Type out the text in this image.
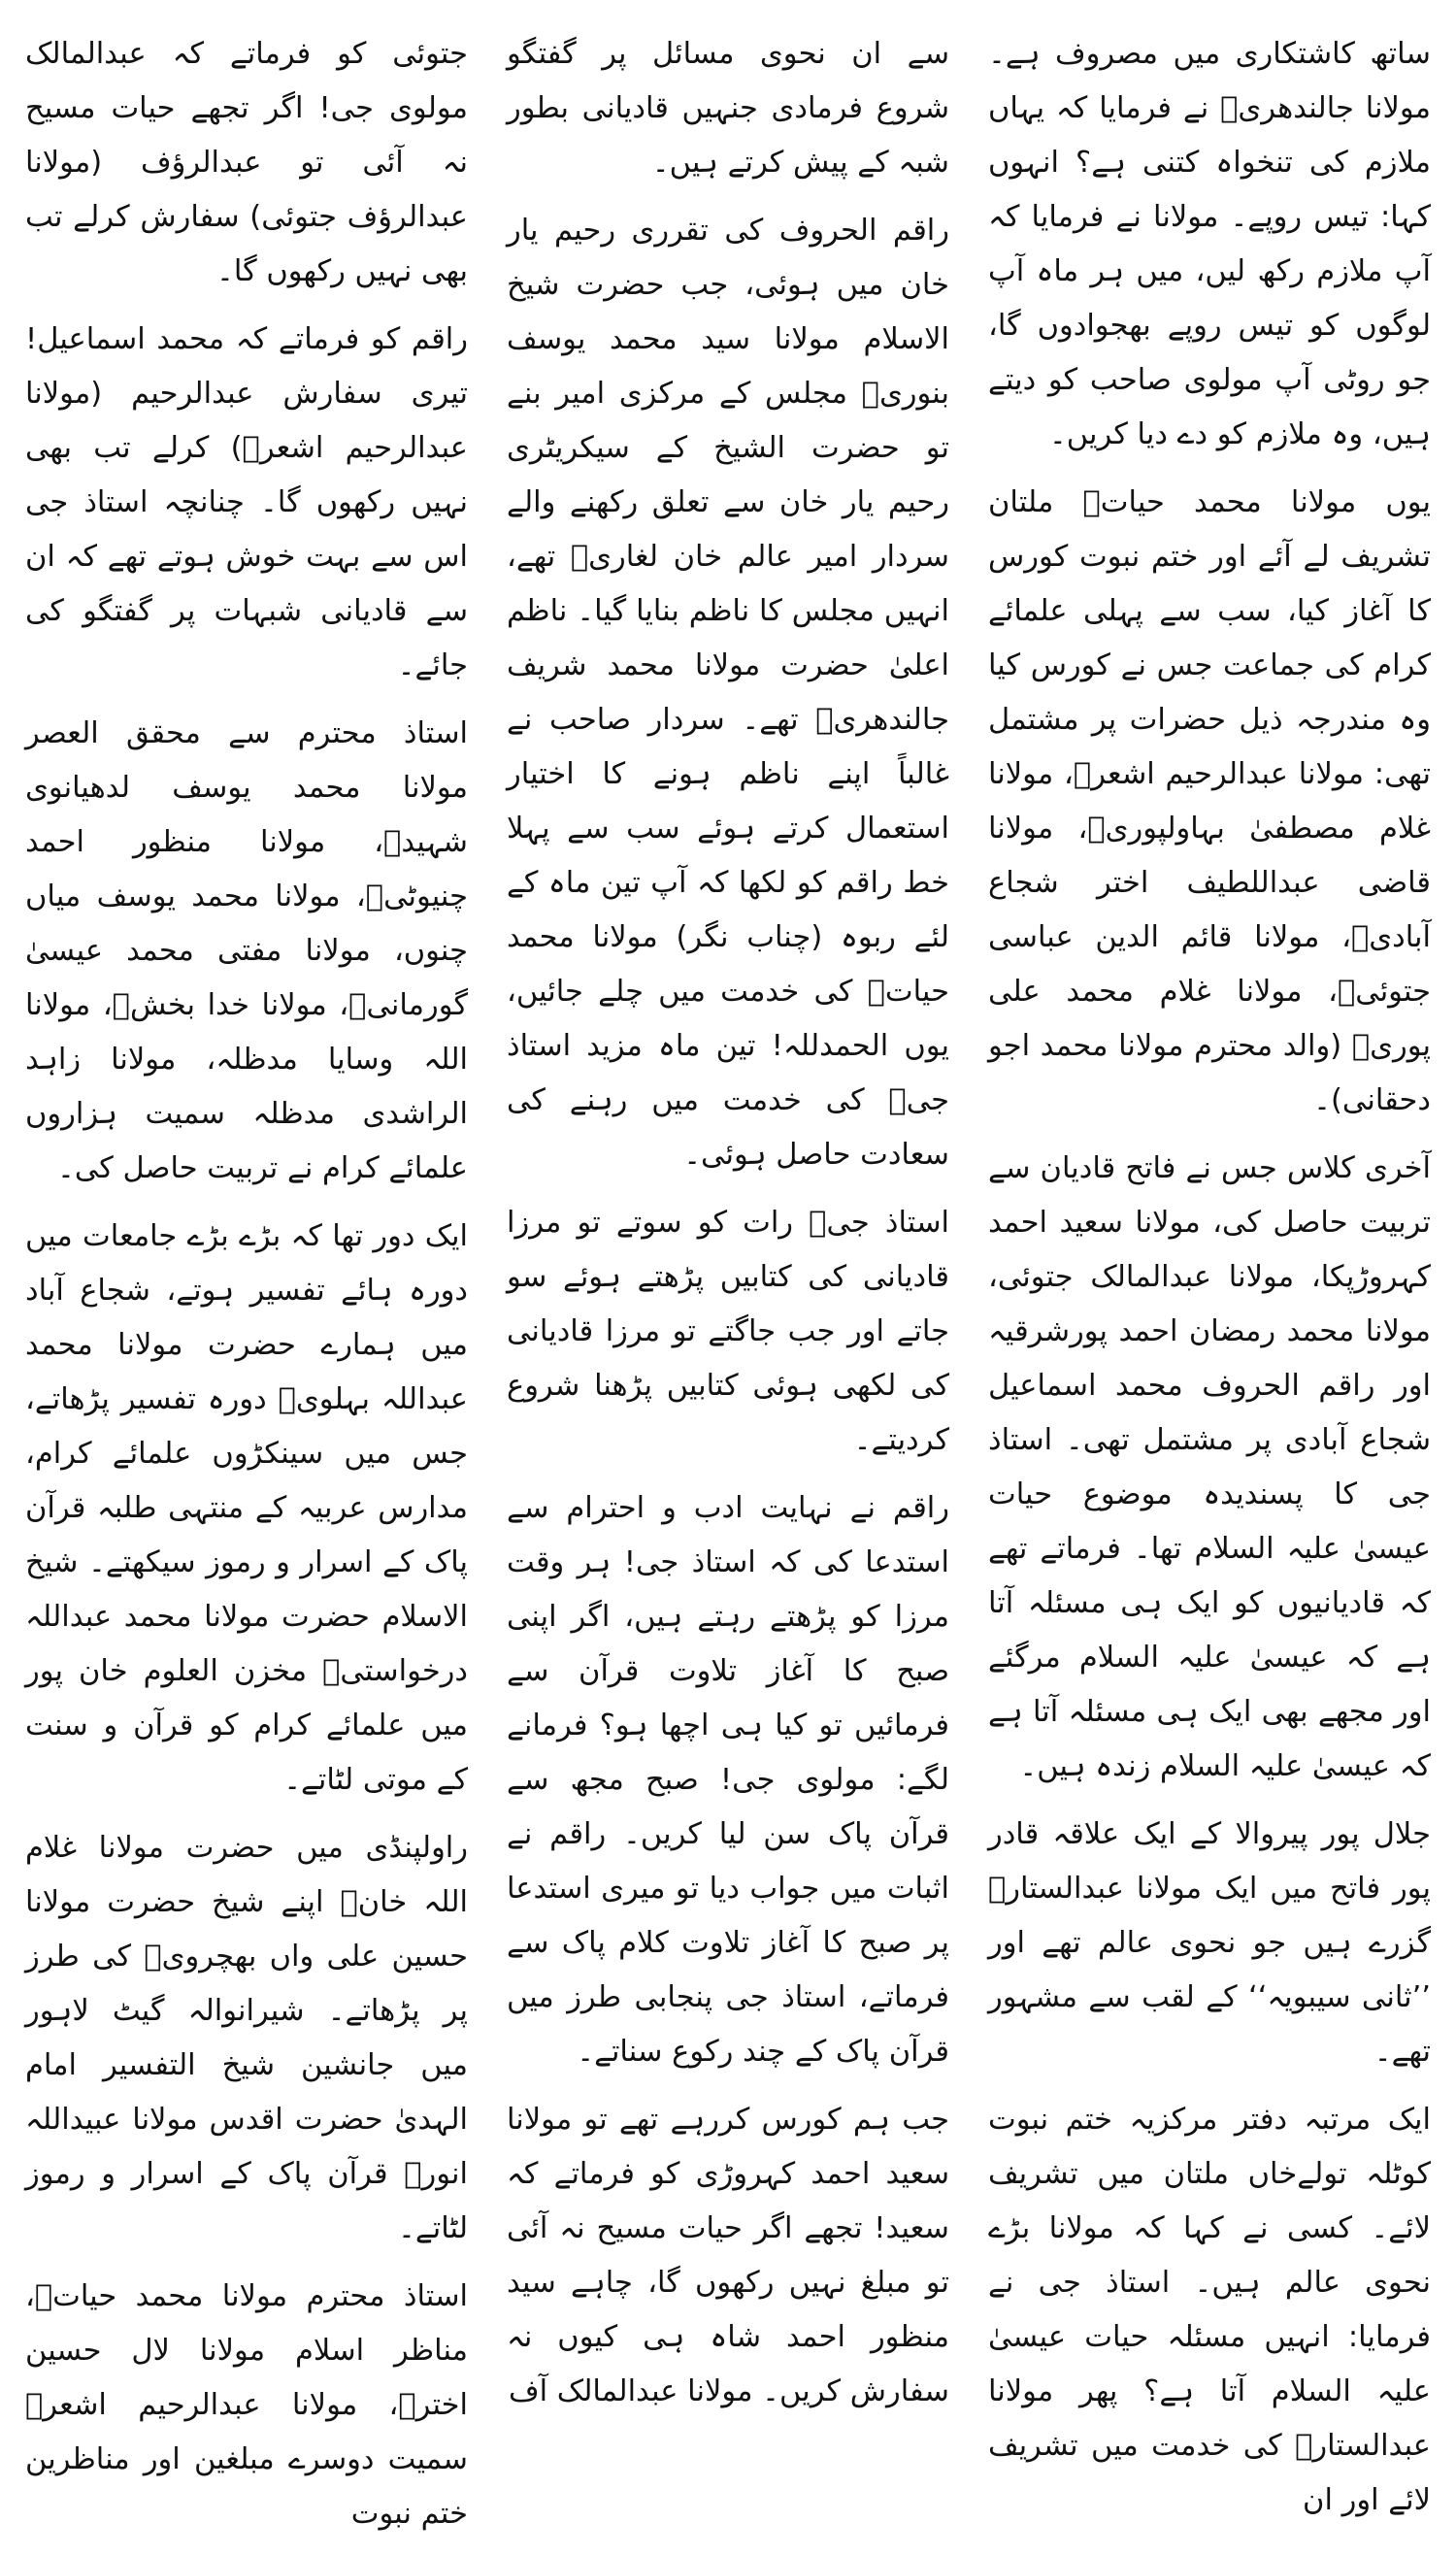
ساتھ کاشتکاری میں مصروف ہے۔ مولانا جالندھریؒ نے فرمایا کہ یہاں ملازم کی تنخواہ کتنی ہے؟ انہوں کہا: تیس روپے۔ مولانا نے فرمایا کہ آپ ملازم رکھ لیں، میں ہر ماہ آپ لوگوں کو تیس روپے بھجوادوں گا، جو روٹی آپ مولوی صاحب کو دیتے ہیں، وہ ملازم کو دے دیا کریں۔

یوں مولانا محمد حیاتؒ ملتان تشریف لے آئے اور ختم نبوت کورس کا آغاز کیا، سب سے پہلی علمائے کرام کی جماعت جس نے کورس کیا وہ مندرجہ ذیل حضرات پر مشتمل تھی: مولانا عبدالرحیم اشعرؒ، مولانا غلام مصطفیٰ بہاولپوریؒ، مولانا قاضی عبداللطیف اختر شجاع آبادیؒ، مولانا قائم الدین عباسی جتوئیؒ، مولانا غلام محمد علی پوریؒ (والد محترم مولانا محمد اجو دحقانی)۔

آخری کلاس جس نے فاتح قادیان سے تربیت حاصل کی، مولانا سعید احمد کہروڑپکا، مولانا عبدالمالک جتوئی، مولانا محمد رمضان احمد پورشرقیہ اور راقم الحروف محمد اسماعیل شجاع آبادی پر مشتمل تھی۔ استاذ جی کا پسندیدہ موضوع حیات عیسیٰ علیہ السلام تھا۔ فرماتے تھے کہ قادیانیوں کو ایک ہی مسئلہ آتا ہے کہ عیسیٰ علیہ السلام مرگئے اور مجھے بھی ایک ہی مسئلہ آتا ہے کہ عیسیٰ علیہ السلام زندہ ہیں۔

جلال پور پیروالا کے ایک علاقہ قادر پور فاتح میں ایک مولانا عبدالستارؒ گزرے ہیں جو نحوی عالم تھے اور ’’ثانی سیبویہ‘‘ کے لقب سے مشہور تھے۔

ایک مرتبہ دفتر مرکزیہ ختم نبوت کوٹلہ تولےخاں ملتان میں تشریف لائے۔ کسی نے کہا کہ مولانا بڑے نحوی عالم ہیں۔ استاذ جی نے فرمایا: انہیں مسئلہ حیات عیسیٰ علیہ السلام آتا ہے؟ پھر مولانا عبدالستارؒ کی خدمت میں تشریف لائے اور ان

سے ان نحوی مسائل پر گفتگو شروع فرمادی جنہیں قادیانی بطور شبہ کے پیش کرتے ہیں۔

راقم الحروف کی تقرری رحیم یار خان میں ہوئی، جب حضرت شیخ الاسلام مولانا سید محمد یوسف بنوریؒ مجلس کے مرکزی امیر بنے تو حضرت الشیخ کے سیکریٹری رحیم یار خان سے تعلق رکھنے والے سردار امیر عالم خان لغاریؒ تھے، انہیں مجلس کا ناظم بنایا گیا۔ ناظم اعلیٰ حضرت مولانا محمد شریف جالندھریؒ تھے۔ سردار صاحب نے غالباً اپنے ناظم ہونے کا اختیار استعمال کرتے ہوئے سب سے پہلا خط راقم کو لکھا کہ آپ تین ماہ کے لئے ربوہ (چناب نگر) مولانا محمد حیاتؒ کی خدمت میں چلے جائیں، یوں الحمدللہ! تین ماہ مزید استاذ جیؒ کی خدمت میں رہنے کی سعادت حاصل ہوئی۔

استاذ جیؒ رات کو سوتے تو مرزا قادیانی کی کتابیں پڑھتے ہوئے سو جاتے اور جب جاگتے تو مرزا قادیانی کی لکھی ہوئی کتابیں پڑھنا شروع کردیتے۔

راقم نے نہایت ادب و احترام سے استدعا کی کہ استاذ جی! ہر وقت مرزا کو پڑھتے رہتے ہیں، اگر اپنی صبح کا آغاز تلاوت قرآن سے فرمائیں تو کیا ہی اچھا ہو؟ فرمانے لگے: مولوی جی! صبح مجھ سے قرآن پاک سن لیا کریں۔ راقم نے اثبات میں جواب دیا تو میری استدعا پر صبح کا آغاز تلاوت کلام پاک سے فرماتے، استاذ جی پنجابی طرز میں قرآن پاک کے چند رکوع سناتے۔

جب ہم کورس کررہے تھے تو مولانا سعید احمد کہروڑی کو فرماتے کہ سعید! تجھے اگر حیات مسیح نہ آئی تو مبلغ نہیں رکھوں گا، چاہے سید منظور احمد شاہ ہی کیوں نہ سفارش کریں۔ مولانا عبدالمالک آف

جتوئی کو فرماتے کہ عبدالمالک مولوی جی! اگر تجھے حیات مسیح نہ آئی تو عبدالرؤف (مولانا عبدالرؤف جتوئی) سفارش کرلے تب بھی نہیں رکھوں گا۔

راقم کو فرماتے کہ محمد اسماعیل! تیری سفارش عبدالرحیم (مولانا عبدالرحیم اشعرؒ) کرلے تب بھی نہیں رکھوں گا۔ چنانچہ استاذ جی اس سے بہت خوش ہوتے تھے کہ ان سے قادیانی شبہات پر گفتگو کی جائے۔

استاذ محترم سے محقق العصر مولانا محمد یوسف لدھیانوی شہیدؒ، مولانا منظور احمد چنیوٹیؒ، مولانا محمد یوسف میاں چنوں، مولانا مفتی محمد عیسیٰ گورمانیؒ، مولانا خدا بخشؒ، مولانا اللہ وسایا مدظلہ، مولانا زاہد الراشدی مدظلہ سمیت ہزاروں علمائے کرام نے تربیت حاصل کی۔

ایک دور تھا کہ بڑے بڑے جامعات میں دورہ ہائے تفسیر ہوتے، شجاع آباد میں ہمارے حضرت مولانا محمد عبداللہ بہلویؒ دورہ تفسیر پڑھاتے، جس میں سینکڑوں علمائے کرام، مدارس عربیہ کے منتہی طلبہ قرآن پاک کے اسرار و رموز سیکھتے۔ شیخ الاسلام حضرت مولانا محمد عبداللہ درخواستیؒ مخزن العلوم خان پور میں علمائے کرام کو قرآن و سنت کے موتی لٹاتے۔

راولپنڈی میں حضرت مولانا غلام اللہ خانؒ اپنے شیخ حضرت مولانا حسین علی واں بھچرویؒ کی طرز پر پڑھاتے۔ شیرانوالہ گیٹ لاہور میں جانشین شیخ التفسیر امام الہدیٰ حضرت اقدس مولانا عبیداللہ انورؒ قرآن پاک کے اسرار و رموز لٹاتے۔

استاذ محترم مولانا محمد حیاتؒ، مناظر اسلام مولانا لال حسین اخترؒ، مولانا عبدالرحیم اشعرؒ سمیت دوسرے مبلغین اور مناظرین ختم نبوت
